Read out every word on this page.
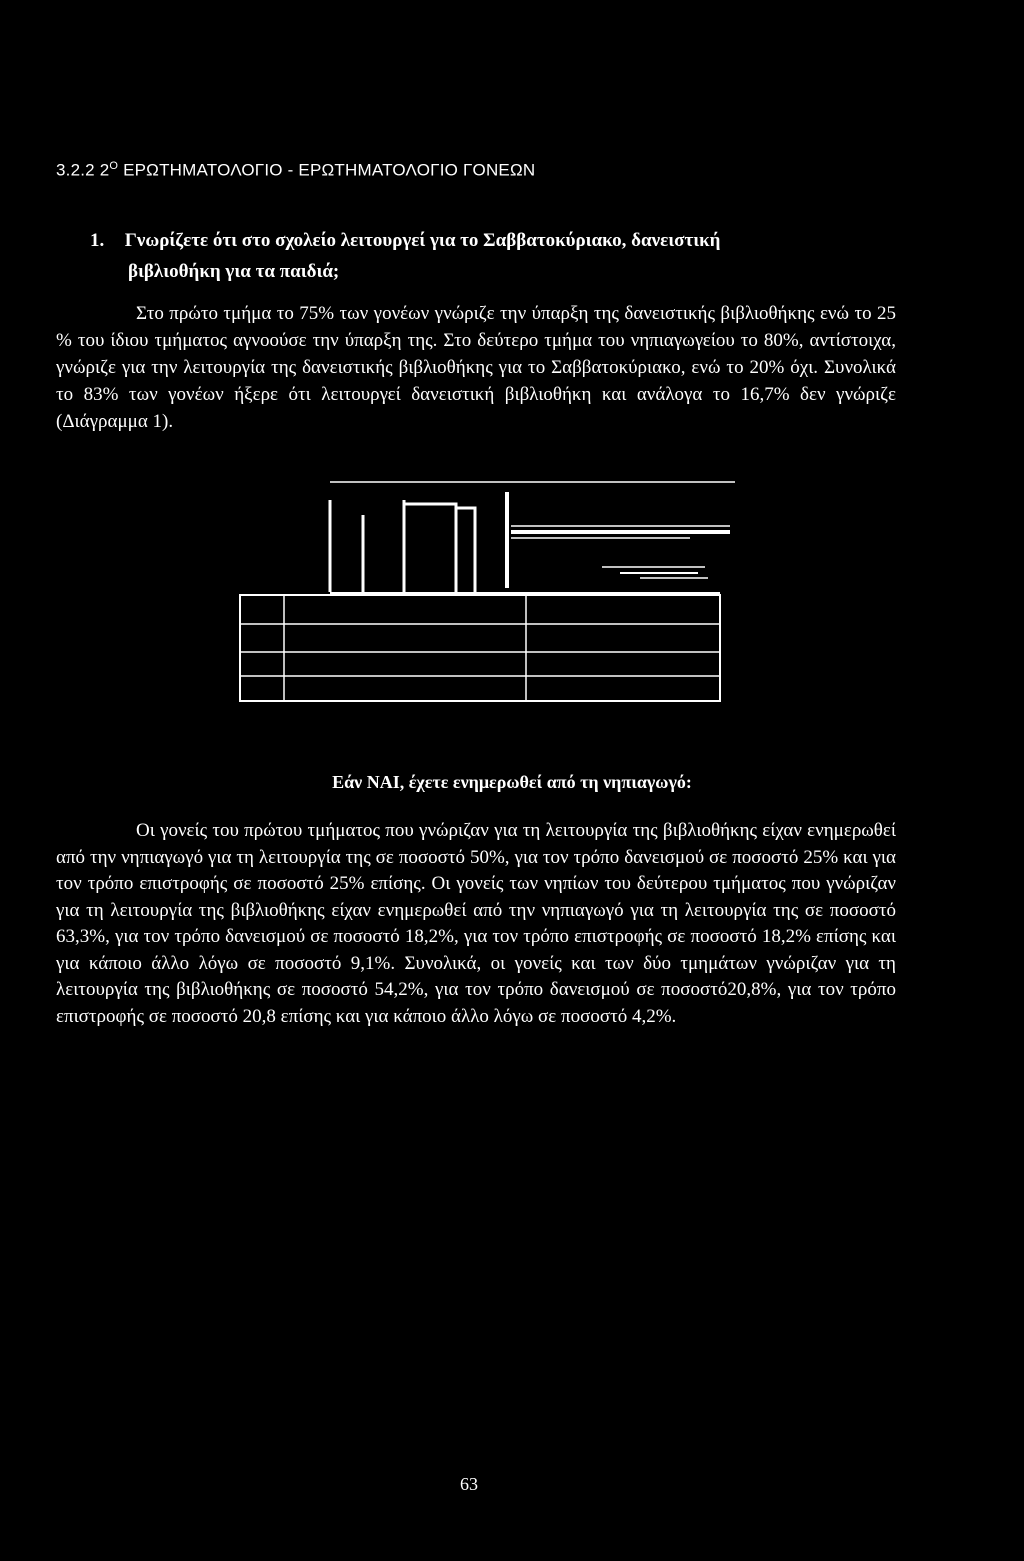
3.2.2 $2^O$ ΕΡΩΤΗΜΑΤΟΛΟΓΙΟ - ΕΡΩΤΗΜΑΤΟΛΟΓΙΟ ΓΟΝΕΩΝ
1. Γνωρίζετε ότι στο σχολείο λειτουργεί για το Σαββατοκύριακο, δανειστική
βιβλιοθήκη για τα παιδιά;
Στο πρώτο τμήμα το 75% των γονέων γνώριζε την ύπαρξη της δανειστικής βιβλιοθήκης ενώ το 25 % του ίδιου τμήματος αγνοούσε την ύπαρξη της. Στο δεύτερο τμήμα του νηπιαγωγείου το 80%, αντίστοιχα, γνώριζε για την λειτουργία της δανειστικής βιβλιοθήκης για το Σαββατοκύριακο, ενώ το 20% όχι. Συνολικά το 83% των γονέων ήξερε ότι λειτουργεί δανειστική βιβλιοθήκη και ανάλογα το 16,7% δεν γνώριζε (Διάγραμμα 1).
Εάν ΝΑΙ, έχετε ενημερωθεί από τη νηπιαγωγό:
Οι γονείς του πρώτου τμήματος που γνώριζαν για τη λειτουργία της βιβλιοθήκης είχαν ενημερωθεί από την νηπιαγωγό για τη λειτουργία της σε ποσοστό 50%, για τον τρόπο δανεισμού σε ποσοστό 25% και για τον τρόπο επιστροφής σε ποσοστό 25% επίσης. Οι γονείς των νηπίων του δεύτερου τμήματος που γνώριζαν για τη λειτουργία της βιβλιοθήκης είχαν ενημερωθεί από την νηπιαγωγό για τη λειτουργία της σε ποσοστό 63,3%, για τον τρόπο δανεισμού σε ποσοστό 18,2%, για τον τρόπο επιστροφής σε ποσοστό 18,2% επίσης και για κάποιο άλλο λόγω σε ποσοστό 9,1%. Συνολικά, οι γονείς και των δύο τμημάτων γνώριζαν για τη λειτουργία της βιβλιοθήκης σε ποσοστό 54,2%, για τον τρόπο δανεισμού σε ποσοστό20,8%, για τον τρόπο επιστροφής σε ποσοστό 20,8 επίσης και για κάποιο άλλο λόγω σε ποσοστό 4,2%.
63
